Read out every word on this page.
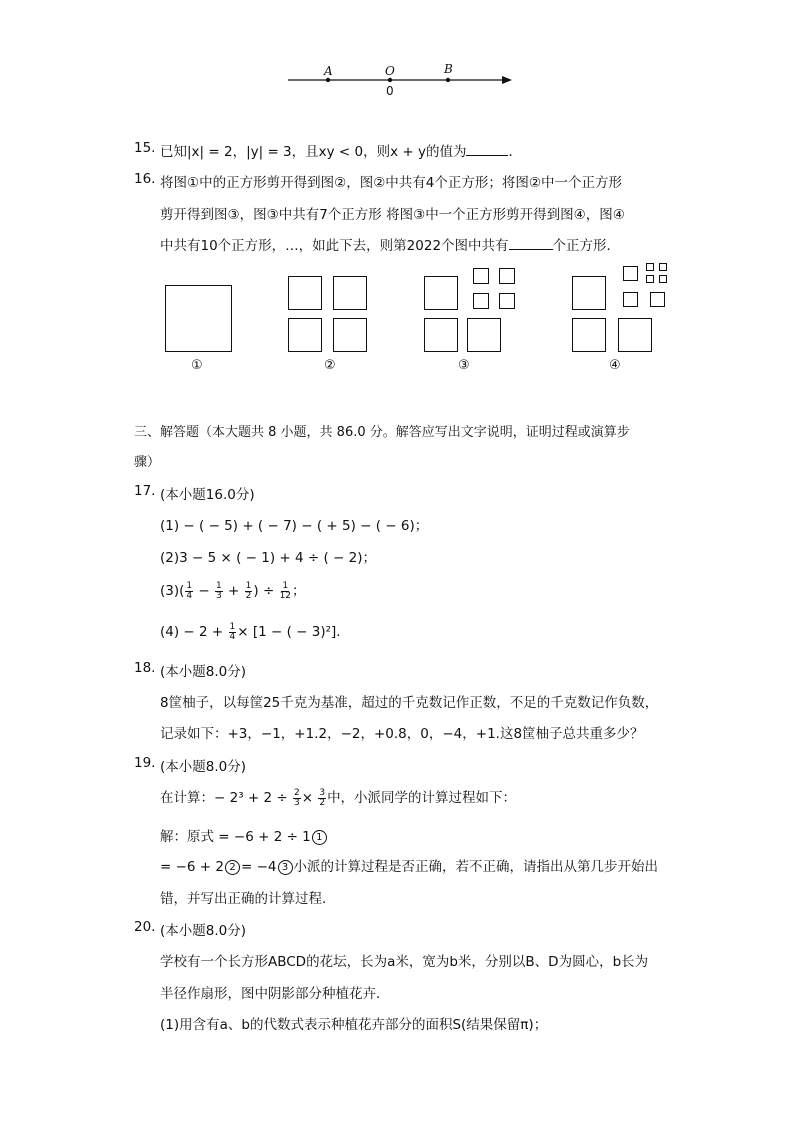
A	O	B
0
15. 已知|x| = 2，|y| = 3，且xy < 0，则x + y的值为	．
16. 将图①中的正方形剪开得到图②，图②中共有4个正方形；将图②中一个正方形
剪开得到图③，图③中共有7个正方形 将图③中一个正方形剪开得到图④，图④
中共有10个正方形，…，如此下去，则第2022个图中共有	个正方形．
①	②	③	④
三、解答题（本大题共 8 小题，共 86.0 分。解答应写出文字说明，证明过程或演算步
骤）
17. (本小题16.0分)
(1) − ( − 5) + ( − 7) − ( + 5) − ( − 6)；
(2)3 − 5 × ( − 1) + 4 ÷ ( − 2)；
$(3)( \frac{1}{4} - \frac{1}{3} + \frac{1}{2}$ ) ÷ $\frac{1}{12}$ ；
$(4) - 2 + \frac{1}{4} \times [1$ − ( − 3)²]．
18. (本小题8.0分)
8筐柚子，以每筐25千克为基准，超过的千克数记作正数，不足的千克数记作负数，
记录如下：+3，−1，+1.2，−2，+0.8，0，−4，+1.这8筐柚子总共重多少？
19. (本小题8.0分)
在计算：− $2^3 + 2 \div \frac{2}{3} \times \frac{3}{2}$ 中，小派同学的计算过程如下：
解：原式 = −6 + 2 ÷ 1 1
= −6 + 2 2 = −4 3 小派的计算过程是否正确，若不正确，请指出从第几步开始出
错，并写出正确的计算过程．
20. (本小题8.0分)
学校有一个长方形ABCD的花坛，长为a米，宽为b米，分别以B、D为圆心，b长为
半径作扇形，图中阴影部分种植花卉．
(1)用含有a、b的代数式表示种植花卉部分的面积S(结果保留π)；
